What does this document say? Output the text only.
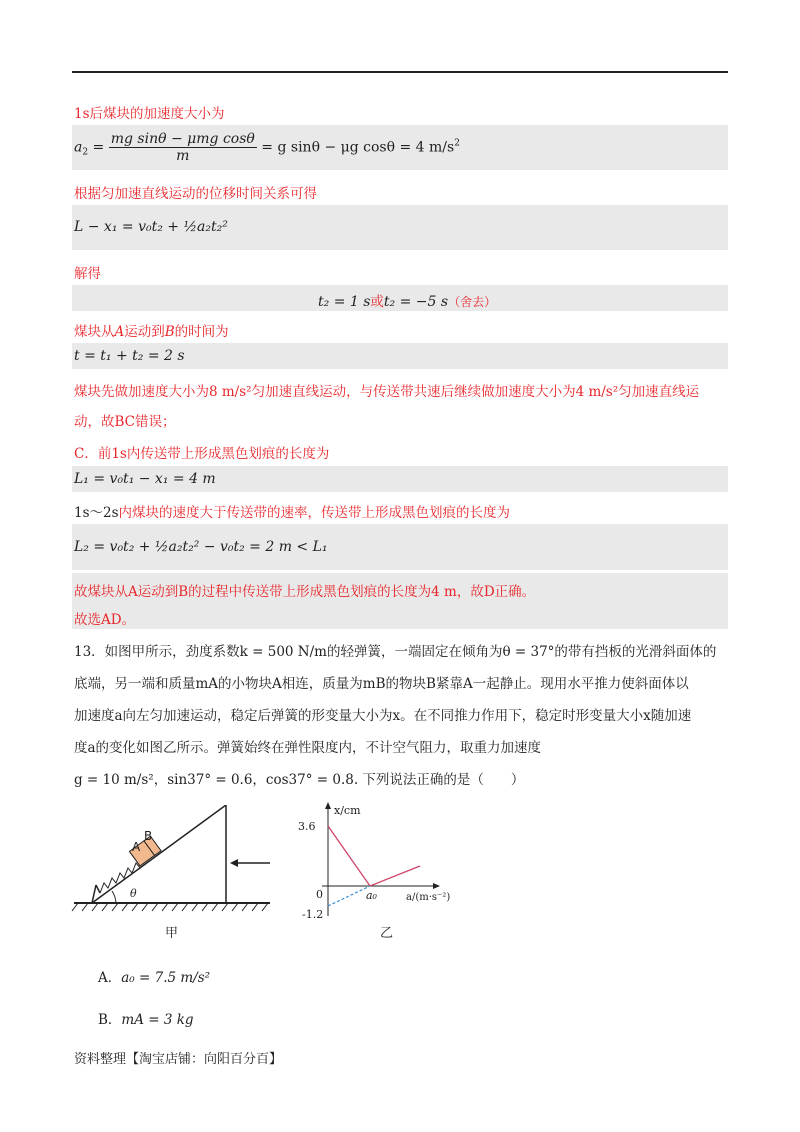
1s后煤块的加速度大小为
$a_2 = \frac{\text{mg sinθ − μmg cosθ}}{m} = g$ sinθ − μg cosθ = 4 $m/s^2$
根据匀加速直线运动的位移时间关系可得
L − x₁ = v₀t₂ + ½a₂t₂²
解得
t₂ = 1 s或t₂ = −5 s（舍去）
煤块从A运动到B的时间为
t = t₁ + t₂ = 2 s
煤块先做加速度大小为8 m/s²匀加速直线运动，与传送带共速后继续做加速度大小为4 m/s²匀加速直线运
动，故BC错误；
C．前1s内传送带上形成黑色划痕的长度为
L₁ = v₀t₁ − x₁ = 4 m
1s～2s内煤块的速度大于传送带的速率，传送带上形成黑色划痕的长度为
L₂ = v₀t₂ + ½a₂t₂² − v₀t₂ = 2 m < L₁
故煤块从A运动到B的过程中传送带上形成黑色划痕的长度为4 m，故D正确。
故选AD。
13．如图甲所示，劲度系数k = 500 N/m的轻弹簧，一端固定在倾角为θ = 37°的带有挡板的光滑斜面体的
底端，另一端和质量mA的小物块A相连，质量为mB的物块B紧靠A一起静止。现用水平推力使斜面体以
加速度a向左匀加速运动，稳定后弹簧的形变量大小为x。在不同推力作用下，稳定时形变量大小x随加速
度a的变化如图乙所示。弹簧始终在弹性限度内，不计空气阻力，取重力加速度
g = 10 m/s²，sin37° = 0.6，cos37° = 0.8. 下列说法正确的是（　　）
A
B
θ
甲
x/cm
3.6
0
-1.2
a₀	a/(m·s⁻²)
乙
A．a₀ = 7.5 m/s²
B．mA = 3 kg
资料整理【淘宝店铺：向阳百分百】
